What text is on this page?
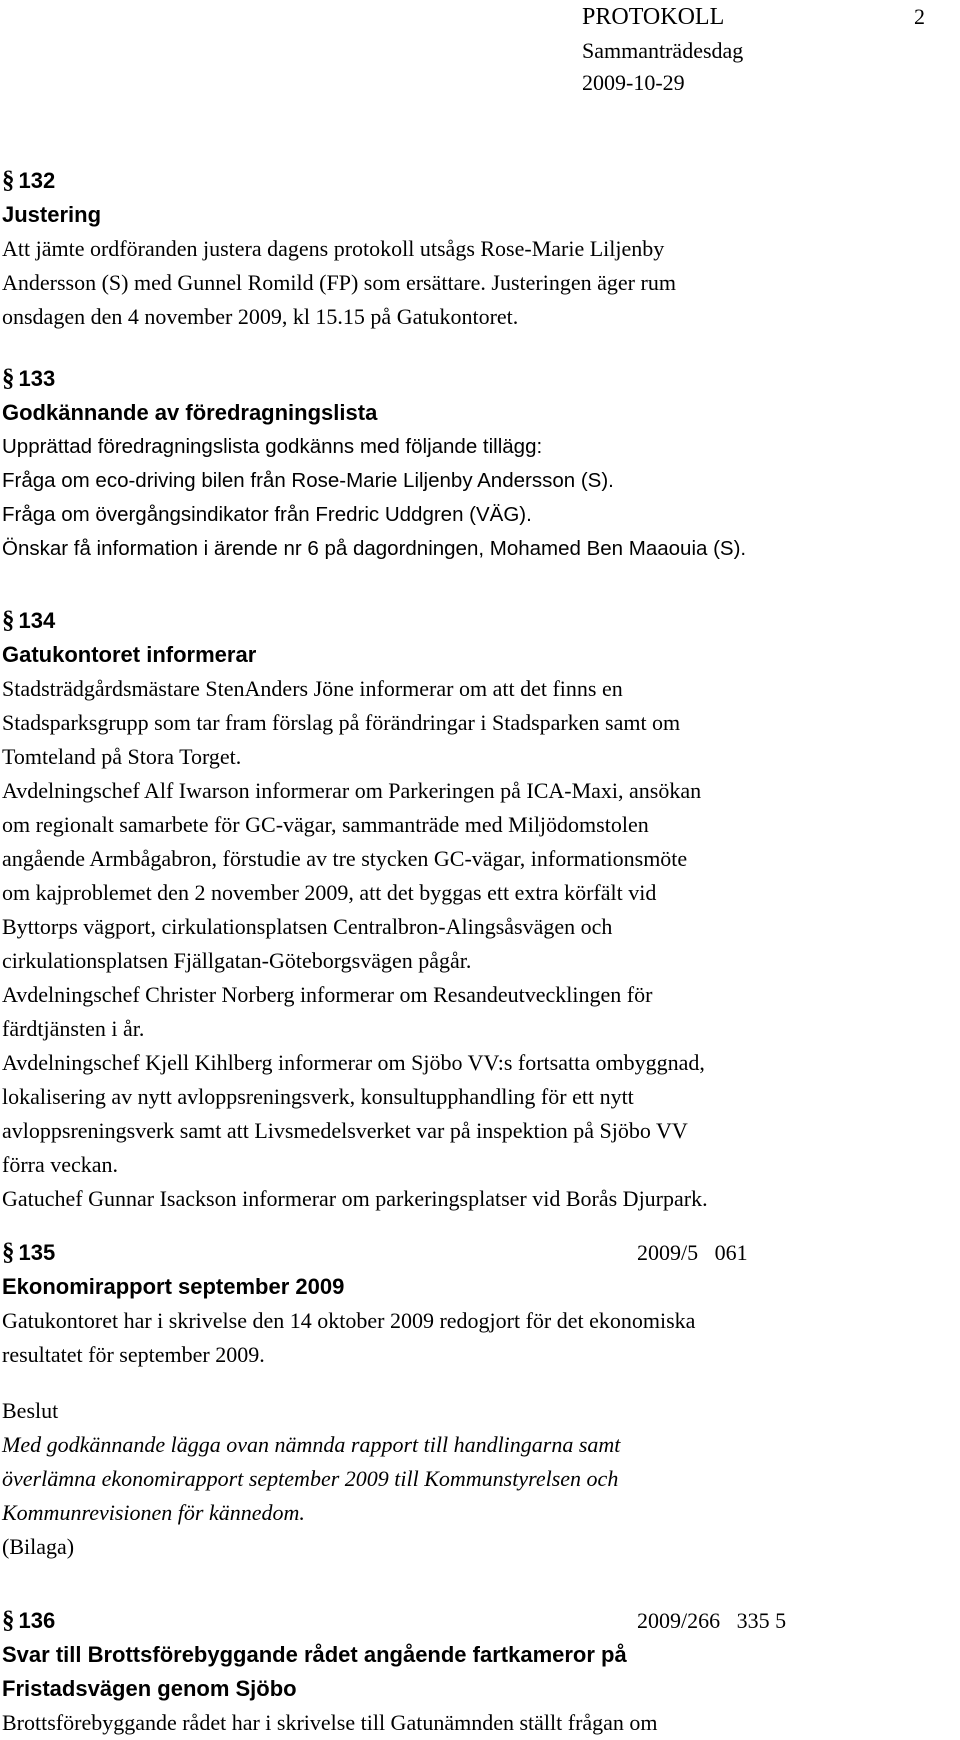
PROTOKOLL	2
Sammanträdesdag
2009-10-29
§ 132
Justering
Att jämte ordföranden justera dagens protokoll utsågs Rose-Marie Liljenby
Andersson (S) med Gunnel Romild (FP) som ersättare. Justeringen äger rum
onsdagen den 4 november 2009, kl 15.15 på Gatukontoret.
§ 133
Godkännande av föredragningslista
Upprättad föredragningslista godkänns med följande tillägg:
Fråga om eco-driving bilen från Rose-Marie Liljenby Andersson (S).
Fråga om övergångsindikator från Fredric Uddgren (VÄG).
Önskar få information i ärende nr 6 på dagordningen, Mohamed Ben Maaouia (S).
§ 134
Gatukontoret informerar
Stadsträdgårdsmästare StenAnders Jöne informerar om att det finns en
Stadsparksgrupp som tar fram förslag på förändringar i Stadsparken samt om
Tomteland på Stora Torget.
Avdelningschef Alf Iwarson informerar om Parkeringen på ICA-Maxi, ansökan
om regionalt samarbete för GC-vägar, sammanträde med Miljödomstolen
angående Armbågabron, förstudie av tre stycken GC-vägar, informationsmöte
om kajproblemet den 2 november 2009, att det byggas ett extra körfält vid
Byttorps vägport, cirkulationsplatsen Centralbron-Alingsåsvägen och
cirkulationsplatsen Fjällgatan-Göteborgsvägen pågår.
Avdelningschef Christer Norberg informerar om Resandeutvecklingen för
färdtjänsten i år.
Avdelningschef Kjell Kihlberg informerar om Sjöbo VV:s fortsatta ombyggnad,
lokalisering av nytt avloppsreningsverk, konsultupphandling för ett nytt
avloppsreningsverk samt att Livsmedelsverket var på inspektion på Sjöbo VV
förra veckan.
Gatuchef Gunnar Isackson informerar om parkeringsplatser vid Borås Djurpark.
§ 135
Ekonomirapport september 2009
Gatukontoret har i skrivelse den 14 oktober 2009 redogjort för det ekonomiska
resultatet för september 2009.
Beslut
Med godkännande lägga ovan nämnda rapport till handlingarna samt
överlämna ekonomirapport september 2009 till Kommunstyrelsen och
Kommunrevisionen för kännedom.
(Bilaga)
2009/5   061
§ 136
Svar till Brottsförebyggande rådet angående fartkameror på
Fristadsvägen genom Sjöbo
Brottsförebyggande rådet har i skrivelse till Gatunämnden ställt frågan om
2009/266   335 5
